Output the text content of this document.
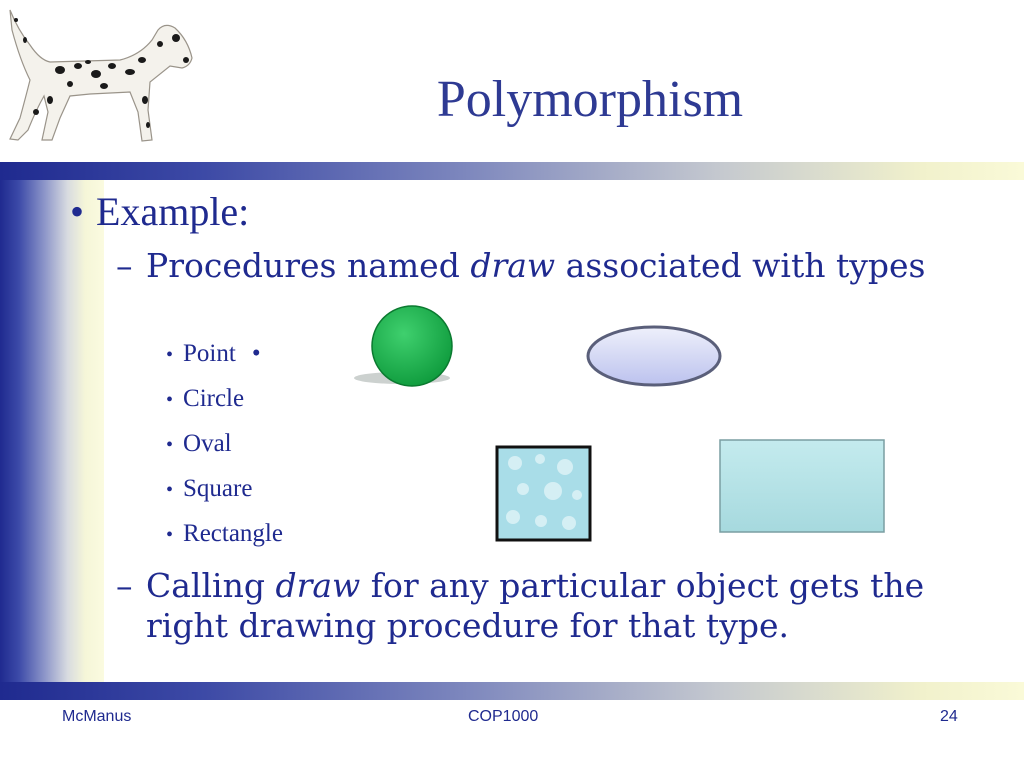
Polymorphism
• Example:
– Procedures named draw associated with types
• Point •
• Circle
• Oval
• Square
• Rectangle
– Calling draw for any particular object gets the right drawing procedure for that type.
McManus	COP1000	24
